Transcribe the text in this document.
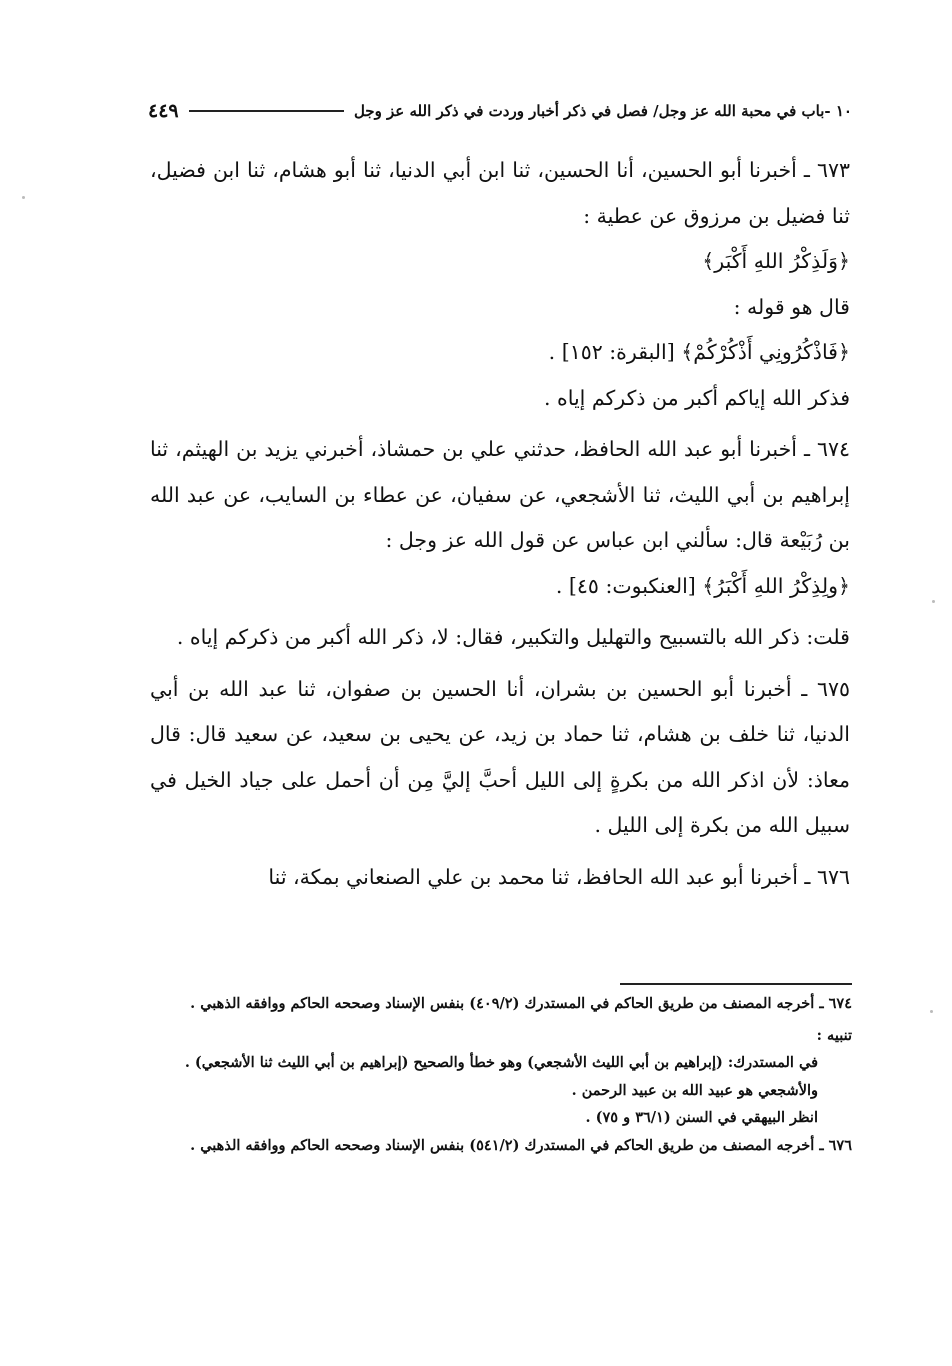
١٠ -باب في محبة الله عز وجل/ فصل في ذكر أخبار وردت في ذكر الله عز وجل
٤٤٩

٦٧٣ ـ أخبرنا أبو الحسين، أنا الحسين، ثنا ابن أبي الدنيا، ثنا أبو هشام، ثنا ابن فضيل، ثنا فضيل بن مرزوق عن عطية :

﴿وَلَذِكْرُ اللهِ أَكْبَر﴾

قال هو قوله :

﴿فَاذْكُرُونِي أَذْكُرْكُمْ﴾ [البقرة: ١٥٢] .

فذكر الله إياكم أكبر من ذكركم إياه .

٦٧٤ ـ أخبرنا أبو عبد الله الحافظ، حدثني علي بن حمشاذ، أخبرني يزيد بن الهيثم، ثنا إبراهيم بن أبي الليث، ثنا الأشجعي، عن سفيان، عن عطاء بن السايب، عن عبد الله بن رُبَيْعة قال: سألني ابن عباس عن قول الله عز وجل :

﴿ولِذِكْرُ اللهِ أَكْبَرُ﴾ [العنكبوت: ٤٥] .

قلت: ذكر الله بالتسبيح والتهليل والتكبير، فقال: لا، ذكر الله أكبر من ذكركم إياه .

٦٧٥ ـ أخبرنا أبو الحسين بن بشران، أنا الحسين بن صفوان، ثنا عبد الله بن أبي الدنيا، ثنا خلف بن هشام، ثنا حماد بن زيد، عن يحيى بن سعيد، عن سعيد قال: قال معاذ: لأن اذكر الله من بكرةٍ إلى الليل أحبَّ إليَّ مِن أن أحمل على جياد الخيل في سبيل الله من بكرة إلى الليل .

٦٧٦ ـ أخبرنا أبو عبد الله الحافظ، ثنا محمد بن علي الصنعاني بمكة، ثنا

٦٧٤ ـ أخرجه المصنف من طريق الحاكم في المستدرك (٤٠٩/٢) بنفس الإسناد وصححه الحاكم ووافقه الذهبي .

تنبيه :

في المستدرك: (إبراهيم بن أبي الليث الأشجعي) وهو خطأ والصحيح (إبراهيم بن أبي الليث ثنا الأشجعي) .

والأشجعي هو عبيد الله بن عبيد الرحمن .

انظر البيهقي في السنن (٣٦/١ و ٧٥) .

٦٧٦ ـ أخرجه المصنف من طريق الحاكم في المستدرك (٥٤١/٢) بنفس الإسناد وصححه الحاكم ووافقه الذهبي .
